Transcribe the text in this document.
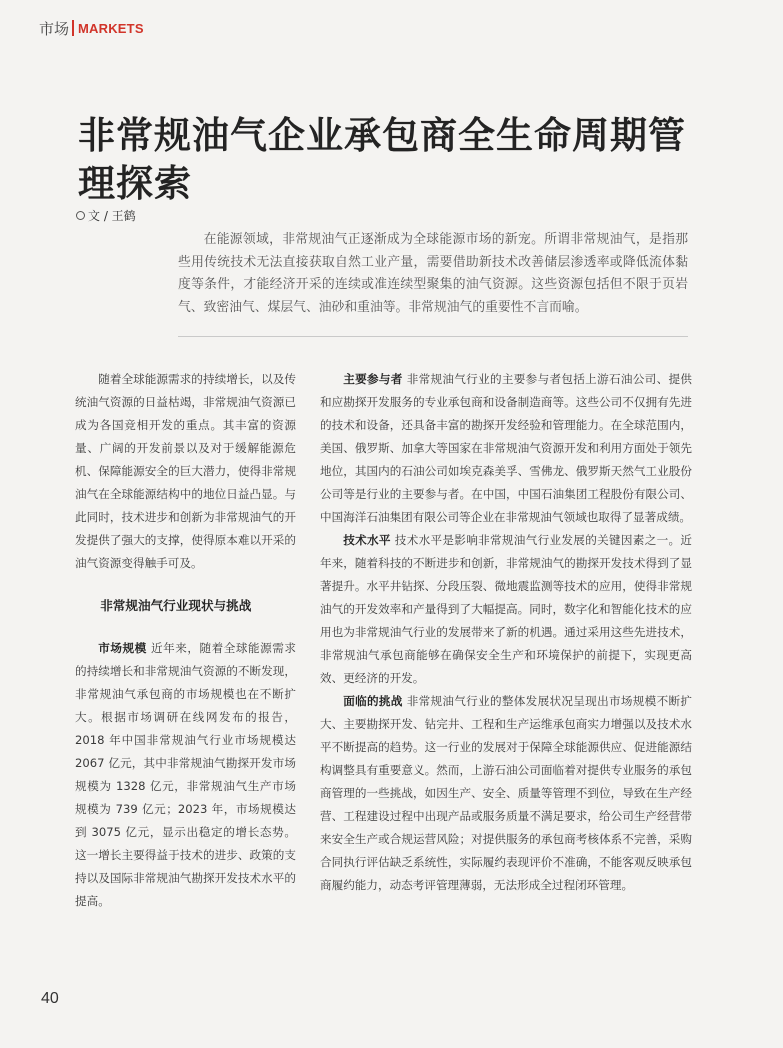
市场 MARKETS
非常规油气企业承包商全生命周期管理探索
文 / 王鹤

在能源领域，非常规油气正逐渐成为全球能源市场的新宠。所谓非常规油气，是指那些用传统技术无法直接获取自然工业产量，需要借助新技术改善储层渗透率或降低流体黏度等条件，才能经济开采的连续或准连续型聚集的油气资源。这些资源包括但不限于页岩气、致密油气、煤层气、油砂和重油等。非常规油气的重要性不言而喻。

随着全球能源需求的持续增长，以及传统油气资源的日益枯竭，非常规油气资源已成为各国竞相开发的重点。其丰富的资源量、广阔的开发前景以及对于缓解能源危机、保障能源安全的巨大潜力，使得非常规油气在全球能源结构中的地位日益凸显。与此同时，技术进步和创新为非常规油气的开发提供了强大的支撑，使得原本难以开采的油气资源变得触手可及。

非常规油气行业现状与挑战

市场规模 近年来，随着全球能源需求的持续增长和非常规油气资源的不断发现，非常规油气承包商的市场规模也在不断扩大。根据市场调研在线网发布的报告，2018 年中国非常规油气行业市场规模达 2067 亿元，其中非常规油气勘探开发市场规模为 1328 亿元，非常规油气生产市场规模为 739 亿元；2023 年，市场规模达到 3075 亿元，显示出稳定的增长态势。这一增长主要得益于技术的进步、政策的支持以及国际非常规油气勘探开发技术水平的提高。

主要参与者 非常规油气行业的主要参与者包括上游石油公司、提供和应勘探开发服务的专业承包商和设备制造商等。这些公司不仅拥有先进的技术和设备，还具备丰富的勘探开发经验和管理能力。在全球范围内，美国、俄罗斯、加拿大等国家在非常规油气资源开发和利用方面处于领先地位，其国内的石油公司如埃克森美孚、雪佛龙、俄罗斯天然气工业股份公司等是行业的主要参与者。在中国，中国石油集团工程股份有限公司、中国海洋石油集团有限公司等企业在非常规油气领域也取得了显著成绩。

技术水平 技术水平是影响非常规油气行业发展的关键因素之一。近年来，随着科技的不断进步和创新，非常规油气的勘探开发技术得到了显著提升。水平井钻探、分段压裂、微地震监测等技术的应用，使得非常规油气的开发效率和产量得到了大幅提高。同时，数字化和智能化技术的应用也为非常规油气行业的发展带来了新的机遇。通过采用这些先进技术，非常规油气承包商能够在确保安全生产和环境保护的前提下，实现更高效、更经济的开发。

面临的挑战 非常规油气行业的整体发展状况呈现出市场规模不断扩大、主要勘探开发、钻完井、工程和生产运维承包商实力增强以及技术水平不断提高的趋势。这一行业的发展对于保障全球能源供应、促进能源结构调整具有重要意义。然而，上游石油公司面临着对提供专业服务的承包商管理的一些挑战，如因生产、安全、质量等管理不到位，导致在生产经营、工程建设过程中出现产品或服务质量不满足要求，给公司生产经营带来安全生产或合规运营风险；对提供服务的承包商考核体系不完善，采购合同执行评估缺乏系统性，实际履约表现评价不准确，不能客观反映承包商履约能力，动态考评管理薄弱，无法形成全过程闭环管理。

40
